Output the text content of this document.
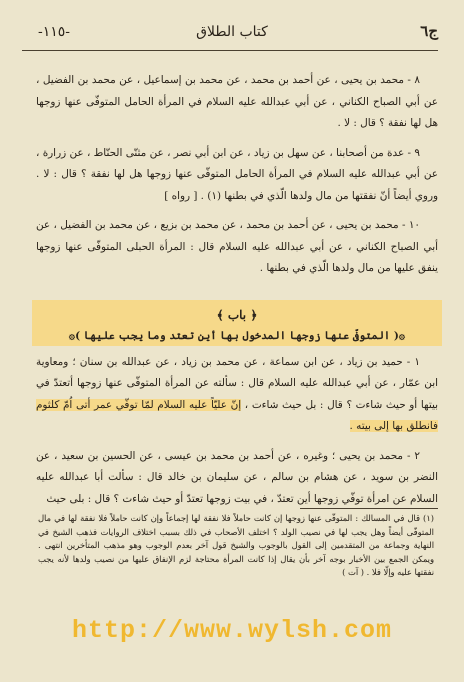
ج٦
كتاب الطلاق
-١١٥-

٨ - محمد بن يحيى ، عن أحمد بن محمد ، عن محمد بن إسماعيل ، عن محمد بن الفضيل ، عن أبي الصباح الكناني ، عن أبي عبدالله عليه السلام في المرأة الحامل المتوفّى عنها زوجها هل لها نفقة ؟ قال : لا .

٩ - عدة من أصحابنا ، عن سهل بن زياد ، عن ابن أبي نصر ، عن مثنّى الحنّاط ، عن زرارة ، عن أبي عبدالله عليه السلام في المرأة الحامل المتوفّى عنها زوجها هل لها نفقة ؟ قال : لا . وروي أيضاً أنّ نفقتها من مال ولدها الّذي في بطنها (١) . [ رواه ]

١٠ - محمد بن يحيى ، عن أحمد بن محمد ، عن محمد بن بزيع ، عن محمد بن الفضيل ، عن أبي الصباح الكناني ، عن أبي عبدالله عليه السلام قال : المرأة الحبلى المتوفّى عنها زوجها ينفق عليها من مال ولدها الّذي في بطنها .

﴿ باب ﴾
۞( المتوفّى عنها زوجها المدخول بها أين تعتد وما يجب عليها )۞

١ - حميد بن زياد ، عن ابن سماعة ، عن محمد بن زياد ، عن عبدالله بن سنان ؛ ومعاوية ابن عمّار ، عن أبي عبدالله عليه السلام قال : سألته عن المرأة المتوفّى عنها زوجها أتعتدّ في بيتها أو حيث شاءت ؟ قال : بل حيث شاءت ، إنّ عليّاً عليه السلام لمّا توفّي عمر أتى اُمّ كلثوم فانطلق بها إلى بيته .

٢ - محمد بن يحيى ؛ وغيره ، عن أحمد بن محمد بن عيسى ، عن الحسين بن سعيد ، عن النضر بن سويد ، عن هشام بن سالم ، عن سليمان بن خالد قال : سألت أبا عبدالله عليه السلام عن امرأة توفّي زوجها أين تعتدّ ، في بيت زوجها تعتدّ أو حيث شاءت ؟ قال : بلى حيث

(١) قال في المسالك : المتوفّى عنها زوجها إن كانت حاملاً فلا نفقة لها إجماعاً وإن كانت حاملاً فلا نفقة لها في مال المتوفّى أيضاً وهل يجب لها في نصيب الولد ؟ اختلف الأصحاب في ذلك بسبب اختلاف الروايات فذهب الشيخ في النهاية وجماعة من المتقدمين إلى القول بالوجوب والشيخ قول آخر بعدم الوجوب وهو مذهب المتأخرين انتهى . ويمكن الجمع بين الأخبار بوجه آخر بأن يقال إذا كانت المرأة محتاجة لزم الإنفاق عليها من نصيب ولدها لأنه يجب نفقتها عليه وإلّا فلا . ( آت )
http://www.wylsh.com
